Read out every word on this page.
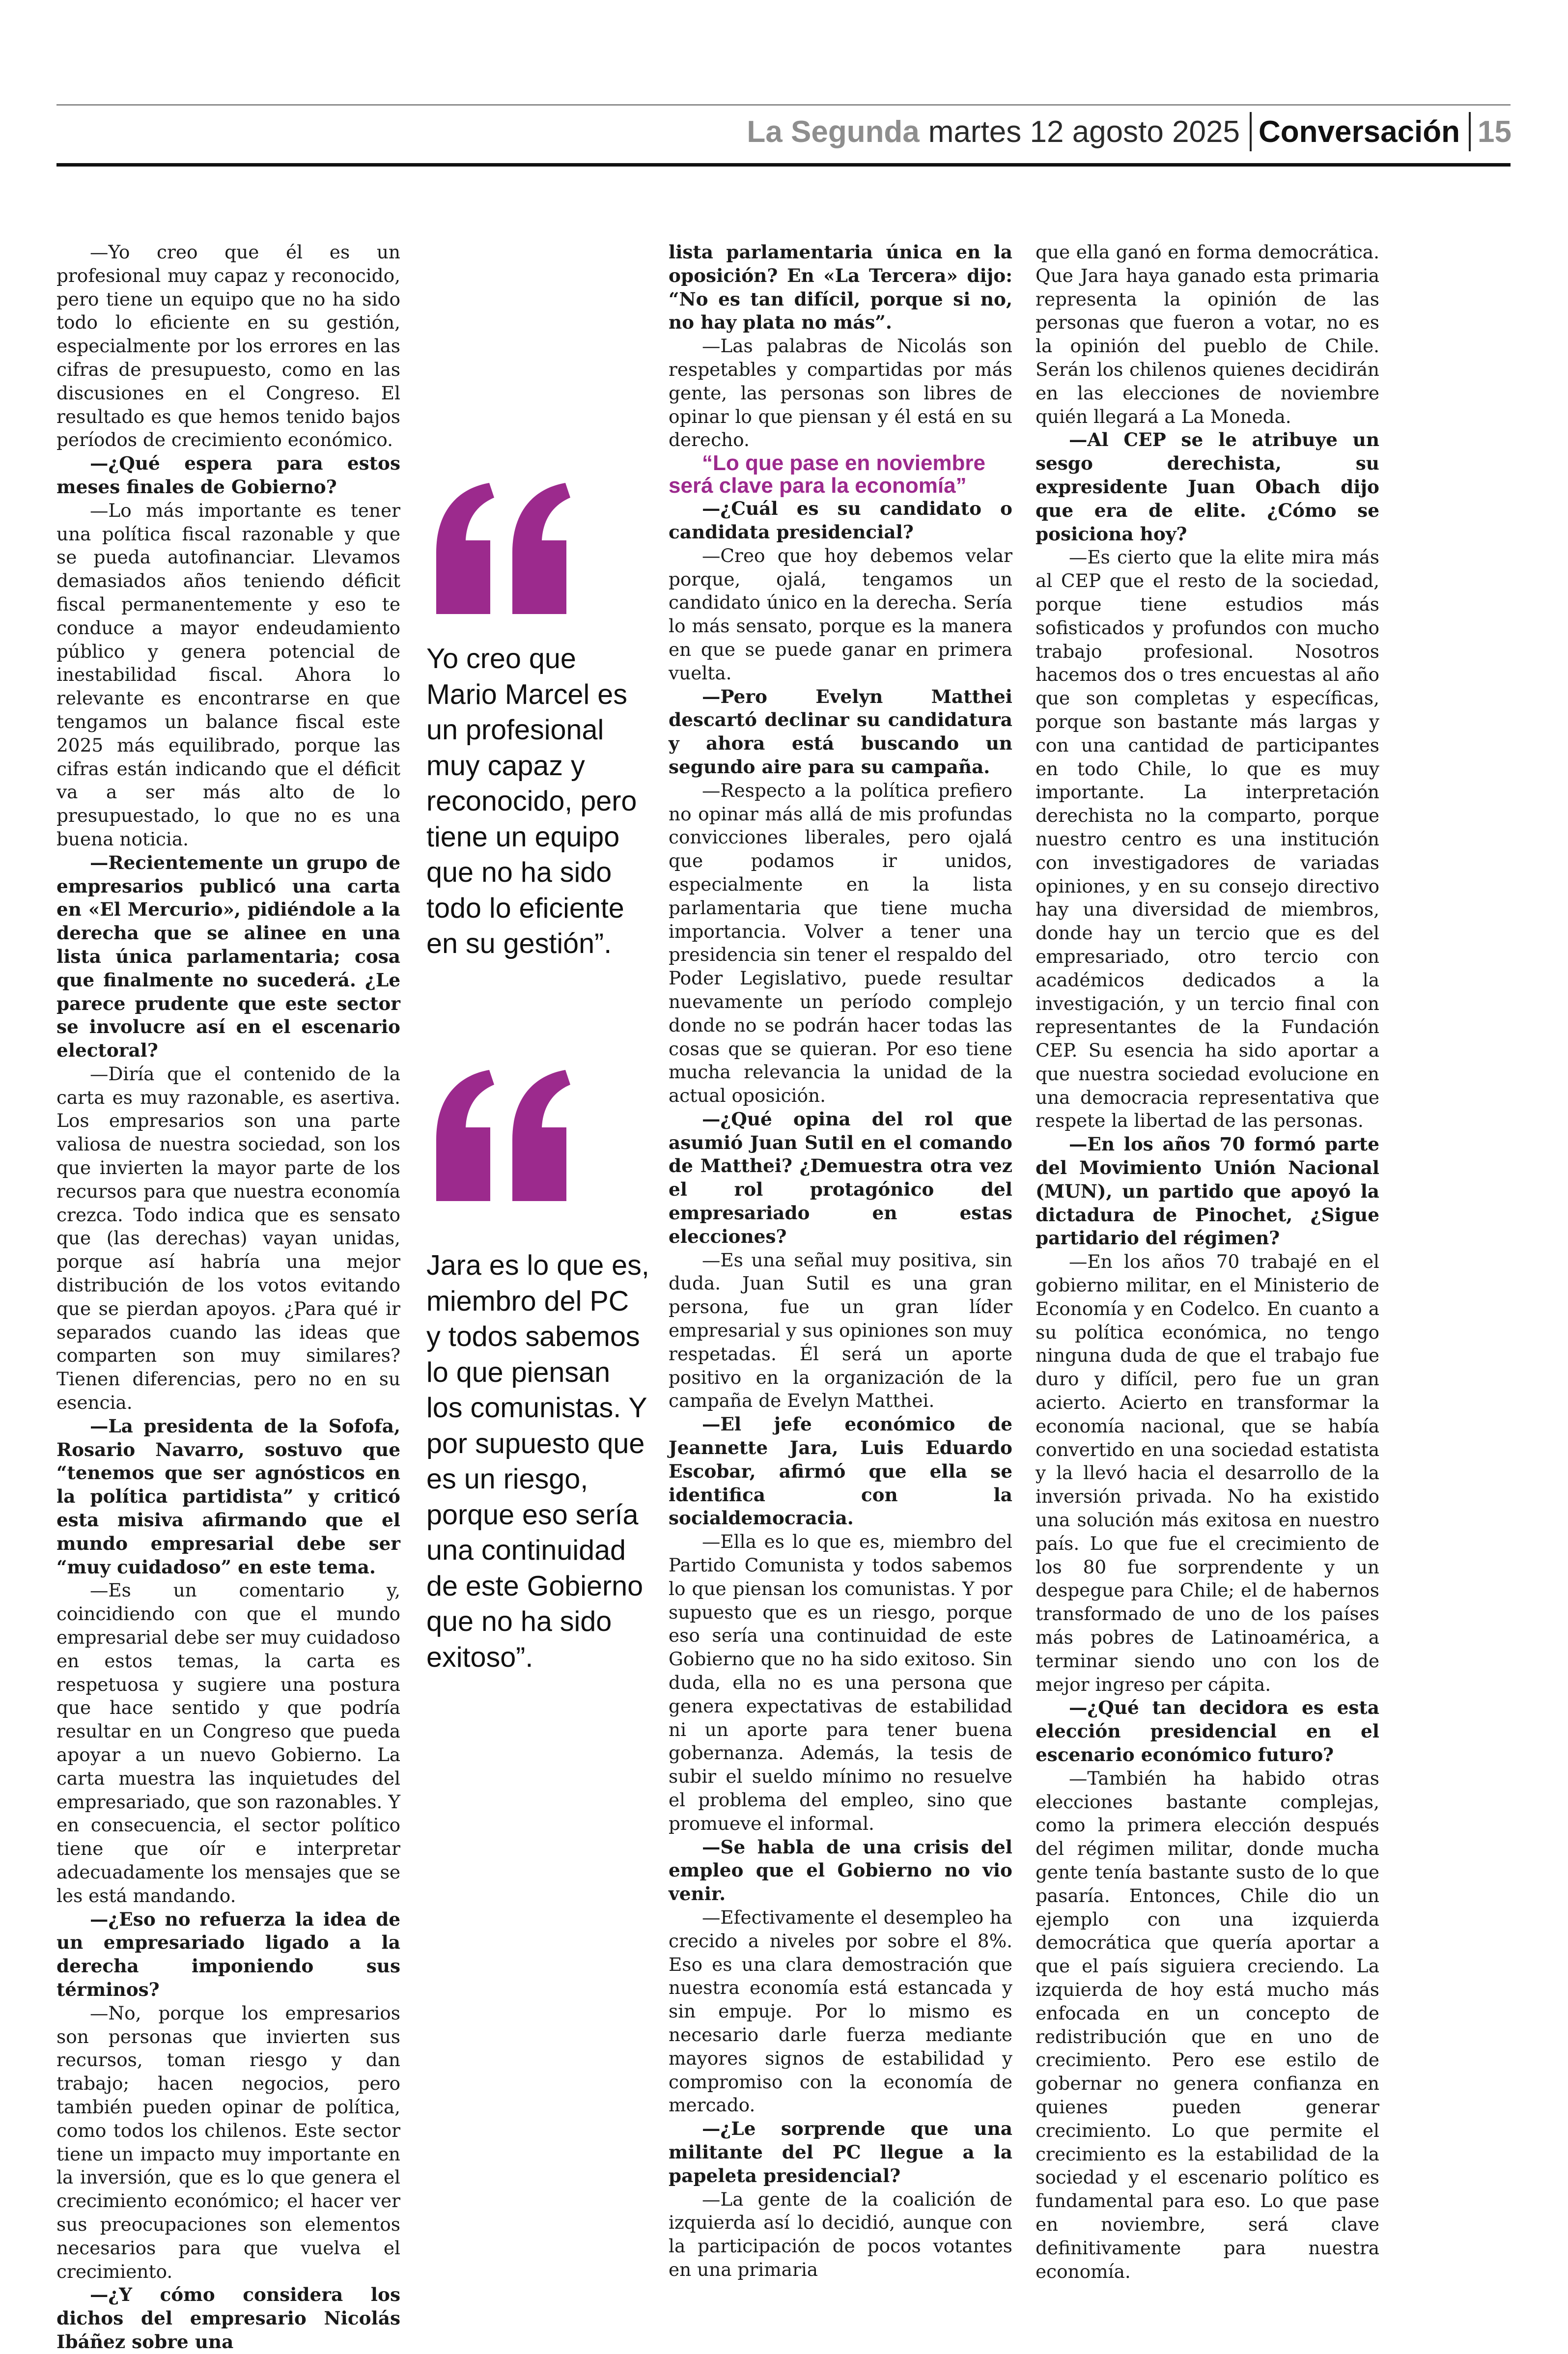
La Segunda martes 12 agosto 2025 Conversación 15

—Yo creo que él es un profesional muy capaz y reconocido, pero tiene un equipo que no ha sido todo lo eficiente en su gestión, especialmente por los errores en las cifras de presupuesto, como en las discusiones en el Congreso. El resultado es que hemos tenido bajos períodos de crecimiento económico.

—¿Qué espera para estos meses finales de Gobierno?

—Lo más importante es tener una política fiscal razonable y que se pueda autofinanciar. Llevamos demasiados años teniendo déficit fiscal permanentemente y eso te conduce a mayor endeudamiento público y genera potencial de inestabilidad fiscal. Ahora lo relevante es encontrarse en que tengamos un balance fiscal este 2025 más equilibrado, porque las cifras están indicando que el déficit va a ser más alto de lo presupuestado, lo que no es una buena noticia.

—Recientemente un grupo de empresarios publicó una carta en «El Mercurio», pidiéndole a la derecha que se alinee en una lista única parlamentaria; cosa que finalmente no sucederá. ¿Le parece prudente que este sector se involucre así en el escenario electoral?

—Diría que el contenido de la carta es muy razonable, es asertiva. Los empresarios son una parte valiosa de nuestra sociedad, son los que invierten la mayor parte de los recursos para que nuestra economía crezca. Todo indica que es sensato que (las derechas) vayan unidas, porque así habría una mejor distribución de los votos evitando que se pierdan apoyos. ¿Para qué ir separados cuando las ideas que comparten son muy similares? Tienen diferencias, pero no en su esencia.

—La presidenta de la Sofofa, Rosario Navarro, sostuvo que “tenemos que ser agnósticos en la política partidista” y criticó esta misiva afirmando que el mundo empresarial debe ser “muy cuidadoso” en este tema.

—Es un comentario y, coincidiendo con que el mundo empresarial debe ser muy cuidadoso en estos temas, la carta es respetuosa y sugiere una postura que hace sentido y que podría resultar en un Congreso que pueda apoyar a un nuevo Gobierno. La carta muestra las inquietudes del empresariado, que son razonables. Y en consecuencia, el sector político tiene que oír e interpretar adecuadamente los mensajes que se les está mandando.

—¿Eso no refuerza la idea de un empresariado ligado a la derecha imponiendo sus términos?

—No, porque los empresarios son personas que invierten sus recursos, toman riesgo y dan trabajo; hacen negocios, pero también pueden opinar de política, como todos los chilenos. Este sector tiene un impacto muy importante en la inversión, que es lo que genera el crecimiento económico; el hacer ver sus preocupaciones son elementos necesarios para que vuelva el crecimiento.

—¿Y cómo considera los dichos del empresario Nicolás Ibáñez sobre una

Yo creo que Mario Marcel es un profesional muy capaz y reconocido, pero tiene un equipo que no ha sido todo lo eficiente en su gestión”.

Jara es lo que es, miembro del PC y todos sabemos lo que piensan los comunistas. Y por supuesto que es un riesgo, porque eso sería una continuidad de este Gobierno que no ha sido exitoso”.

lista parlamentaria única en la oposición? En «La Tercera» dijo: “No es tan difícil, porque si no, no hay plata no más”.

—Las palabras de Nicolás son respetables y compartidas por más gente, las personas son libres de opinar lo que piensan y él está en su derecho.

“Lo que pase en noviembre será clave para la economía”

—¿Cuál es su candidato o candidata presidencial?

—Creo que hoy debemos velar porque, ojalá, tengamos un candidato único en la derecha. Sería lo más sensato, porque es la manera en que se puede ganar en primera vuelta.

—Pero Evelyn Matthei descartó declinar su candidatura y ahora está buscando un segundo aire para su campaña.

—Respecto a la política prefiero no opinar más allá de mis profundas convicciones liberales, pero ojalá que podamos ir unidos, especialmente en la lista parlamentaria que tiene mucha importancia. Volver a tener una presidencia sin tener el respaldo del Poder Legislativo, puede resultar nuevamente un período complejo donde no se podrán hacer todas las cosas que se quieran. Por eso tiene mucha relevancia la unidad de la actual oposición.

—¿Qué opina del rol que asumió Juan Sutil en el comando de Matthei? ¿Demuestra otra vez el rol protagónico del empresariado en estas elecciones?

—Es una señal muy positiva, sin duda. Juan Sutil es una gran persona, fue un gran líder empresarial y sus opiniones son muy respetadas. Él será un aporte positivo en la organización de la campaña de Evelyn Matthei.

—El jefe económico de Jeannette Jara, Luis Eduardo Escobar, afirmó que ella se identifica con la socialdemocracia.

—Ella es lo que es, miembro del Partido Comunista y todos sabemos lo que piensan los comunistas. Y por supuesto que es un riesgo, porque eso sería una continuidad de este Gobierno que no ha sido exitoso. Sin duda, ella no es una persona que genera expectativas de estabilidad ni un aporte para tener buena gobernanza. Además, la tesis de subir el sueldo mínimo no resuelve el problema del empleo, sino que promueve el informal.

—Se habla de una crisis del empleo que el Gobierno no vio venir.

—Efectivamente el desempleo ha crecido a niveles por sobre el 8%. Eso es una clara demostración que nuestra economía está estancada y sin empuje. Por lo mismo es necesario darle fuerza mediante mayores signos de estabilidad y compromiso con la economía de mercado.

—¿Le sorprende que una militante del PC llegue a la papeleta presidencial?

—La gente de la coalición de izquierda así lo decidió, aunque con la participación de pocos votantes en una primaria

que ella ganó en forma democrática. Que Jara haya ganado esta primaria representa la opinión de las personas que fueron a votar, no es la opinión del pueblo de Chile. Serán los chilenos quienes decidirán en las elecciones de noviembre quién llegará a La Moneda.

—Al CEP se le atribuye un sesgo derechista, su expresidente Juan Obach dijo que era de elite. ¿Cómo se posiciona hoy?

—Es cierto que la elite mira más al CEP que el resto de la sociedad, porque tiene estudios más sofisticados y profundos con mucho trabajo profesional. Nosotros hacemos dos o tres encuestas al año que son completas y específicas, porque son bastante más largas y con una cantidad de participantes en todo Chile, lo que es muy importante. La interpretación derechista no la comparto, porque nuestro centro es una institución con investigadores de variadas opiniones, y en su consejo directivo hay una diversidad de miembros, donde hay un tercio que es del empresariado, otro tercio con académicos dedicados a la investigación, y un tercio final con representantes de la Fundación CEP. Su esencia ha sido aportar a que nuestra sociedad evolucione en una democracia representativa que respete la libertad de las personas.

—En los años 70 formó parte del Movimiento Unión Nacional (MUN), un partido que apoyó la dictadura de Pinochet, ¿Sigue partidario del régimen?

—En los años 70 trabajé en el gobierno militar, en el Ministerio de Economía y en Codelco. En cuanto a su política económica, no tengo ninguna duda de que el trabajo fue duro y difícil, pero fue un gran acierto. Acierto en transformar la economía nacional, que se había convertido en una sociedad estatista y la llevó hacia el desarrollo de la inversión privada. No ha existido una solución más exitosa en nuestro país. Lo que fue el crecimiento de los 80 fue sorprendente y un despegue para Chile; el de habernos transformado de uno de los países más pobres de Latinoamérica, a terminar siendo uno con los de mejor ingreso per cápita.

—¿Qué tan decidora es esta elección presidencial en el escenario económico futuro?

—También ha habido otras elecciones bastante complejas, como la primera elección después del régimen militar, donde mucha gente tenía bastante susto de lo que pasaría. Entonces, Chile dio un ejemplo con una izquierda democrática que quería aportar a que el país siguiera creciendo. La izquierda de hoy está mucho más enfocada en un concepto de redistribución que en uno de crecimiento. Pero ese estilo de gobernar no genera confianza en quienes pueden generar crecimiento. Lo que permite el crecimiento es la estabilidad de la sociedad y el escenario político es fundamental para eso. Lo que pase en noviembre, será clave definitivamente para nuestra economía.
